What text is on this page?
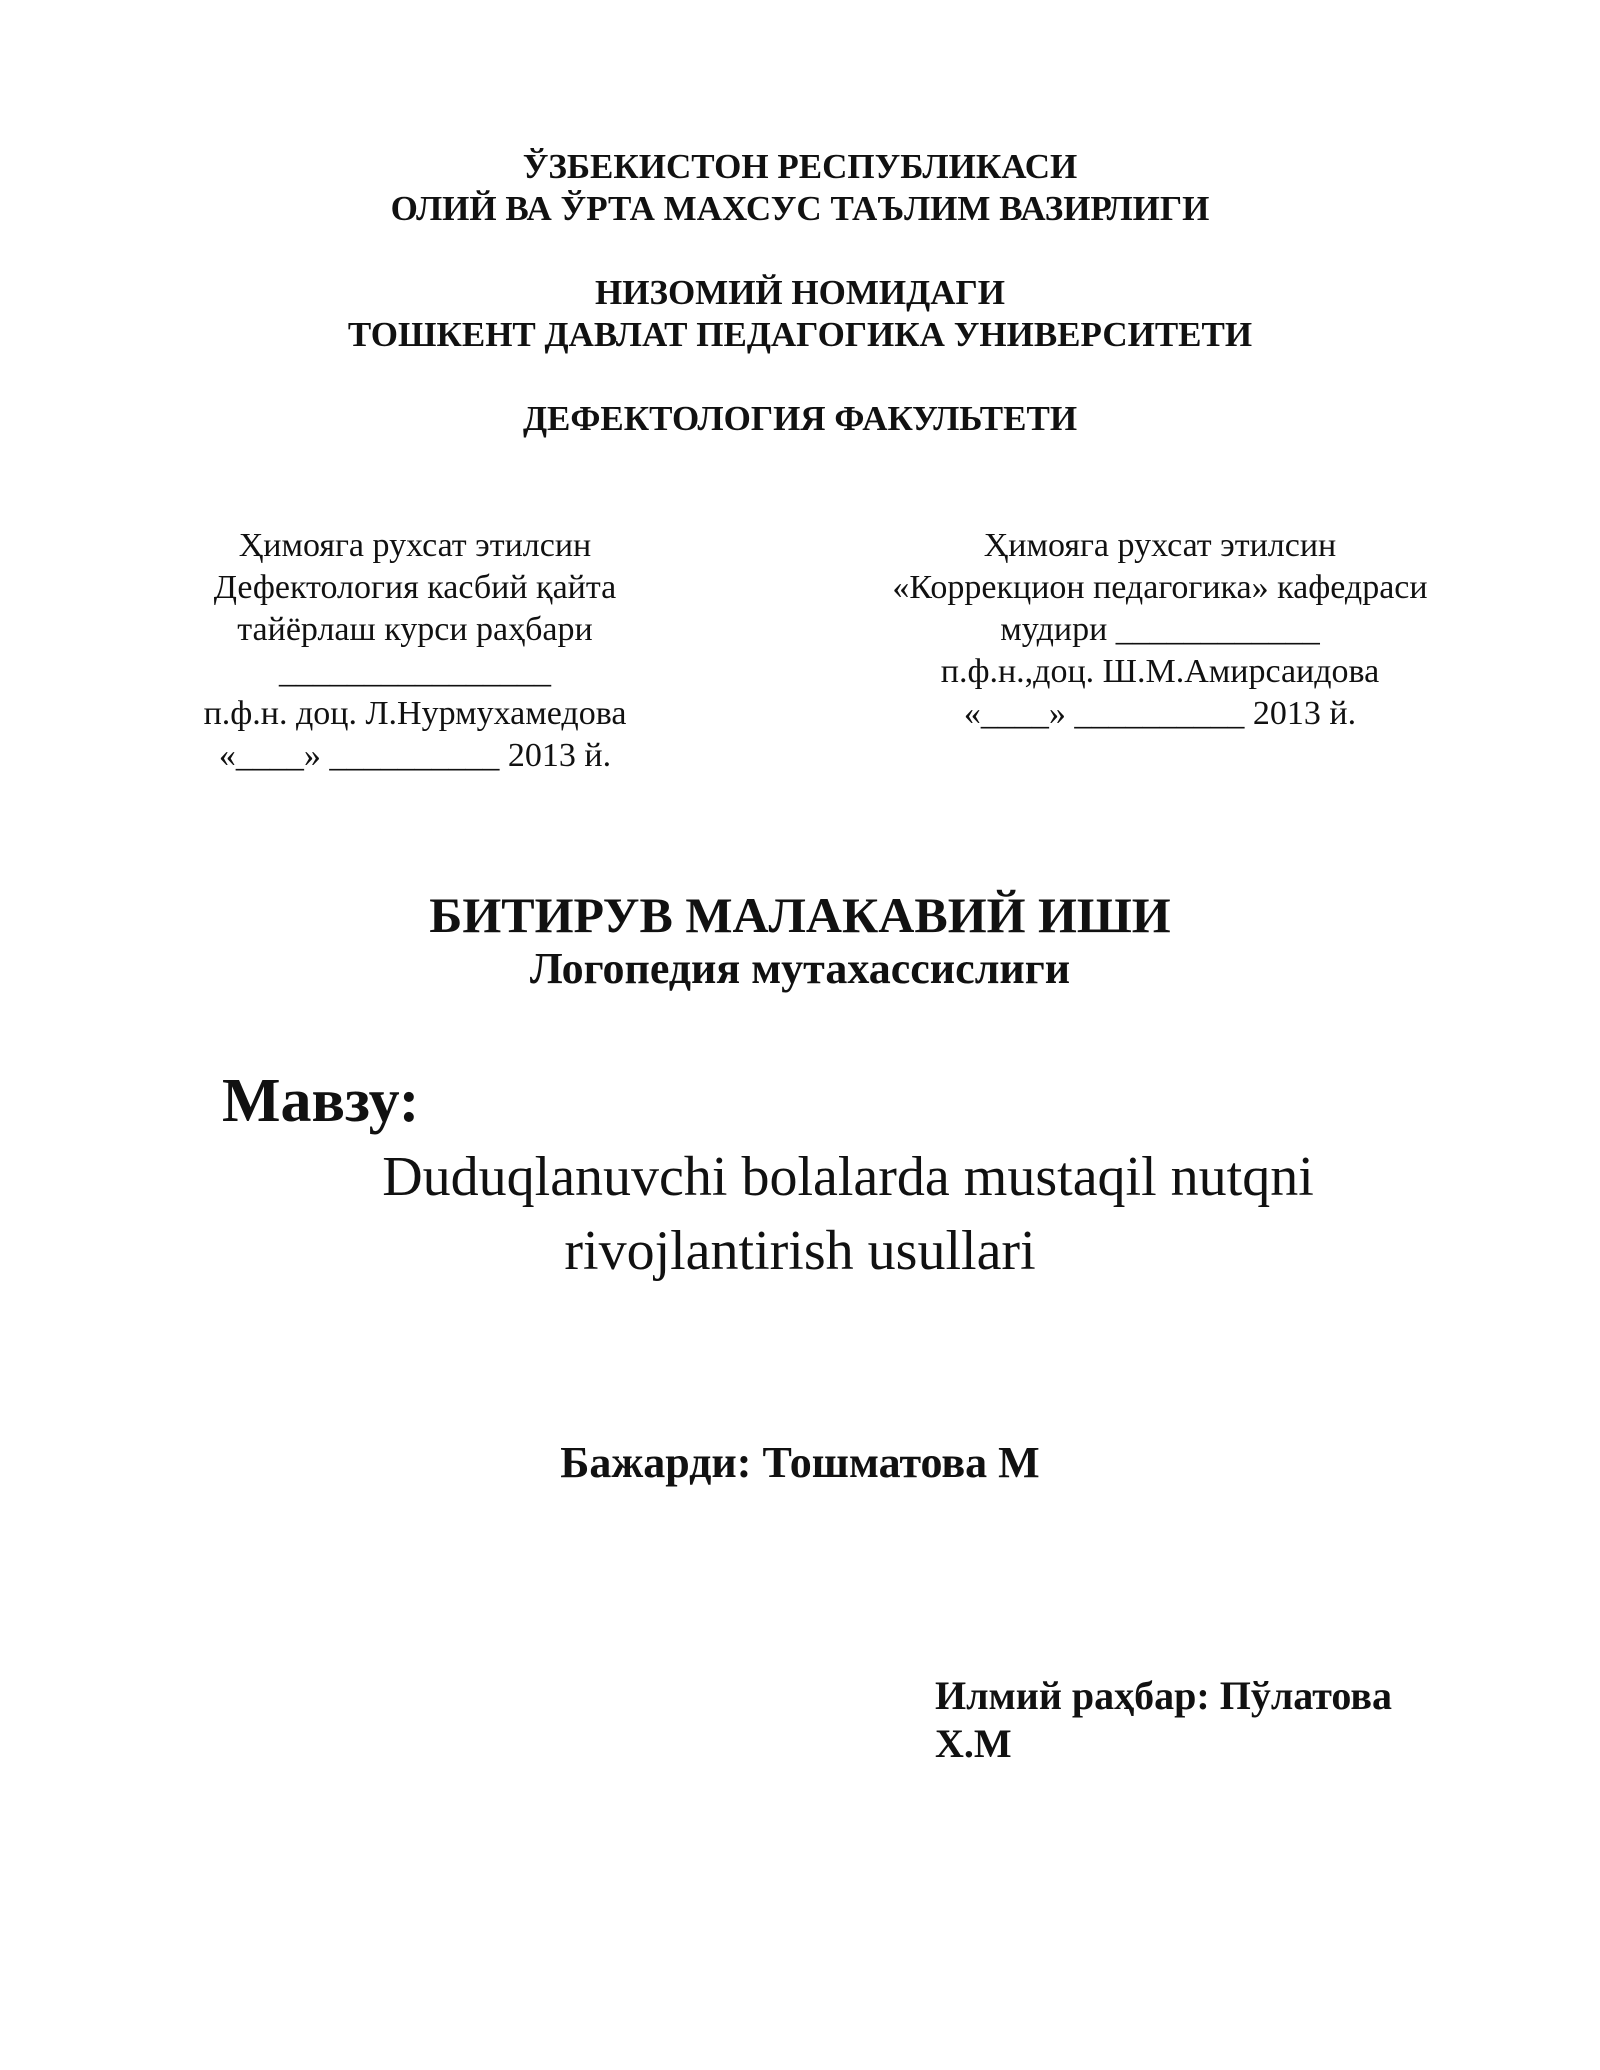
ЎЗБЕКИСТОН РЕСПУБЛИКАСИ
ОЛИЙ ВА ЎРТА МАХСУС ТАЪЛИМ ВАЗИРЛИГИ
НИЗОМИЙ НОМИДАГИ
ТОШКЕНТ ДАВЛАТ ПЕДАГОГИКА УНИВЕРСИТЕТИ
ДЕФЕКТОЛОГИЯ ФАКУЛЬТЕТИ
Ҳимояга рухсат этилсин
Дефектология касбий қайта
тайёрлаш курси раҳбари
________________
п.ф.н. доц. Л.Нурмухамедова
«____» __________ 2013 й.
Ҳимояга рухсат этилсин
«Коррекцион педагогика» кафедраси
мудири ____________
п.ф.н.,доц. Ш.М.Амирсаидова
«____» __________ 2013 й.
БИТИРУВ МАЛАКАВИЙ ИШИ
Логопедия мутахассислиги
Мавзу:
Duduqlanuvchi bolalarda mustaqil nutqni
rivojlantirish usullari
Бажарди: Тошматова М
Илмий раҳбар: Пўлатова
Х.М
